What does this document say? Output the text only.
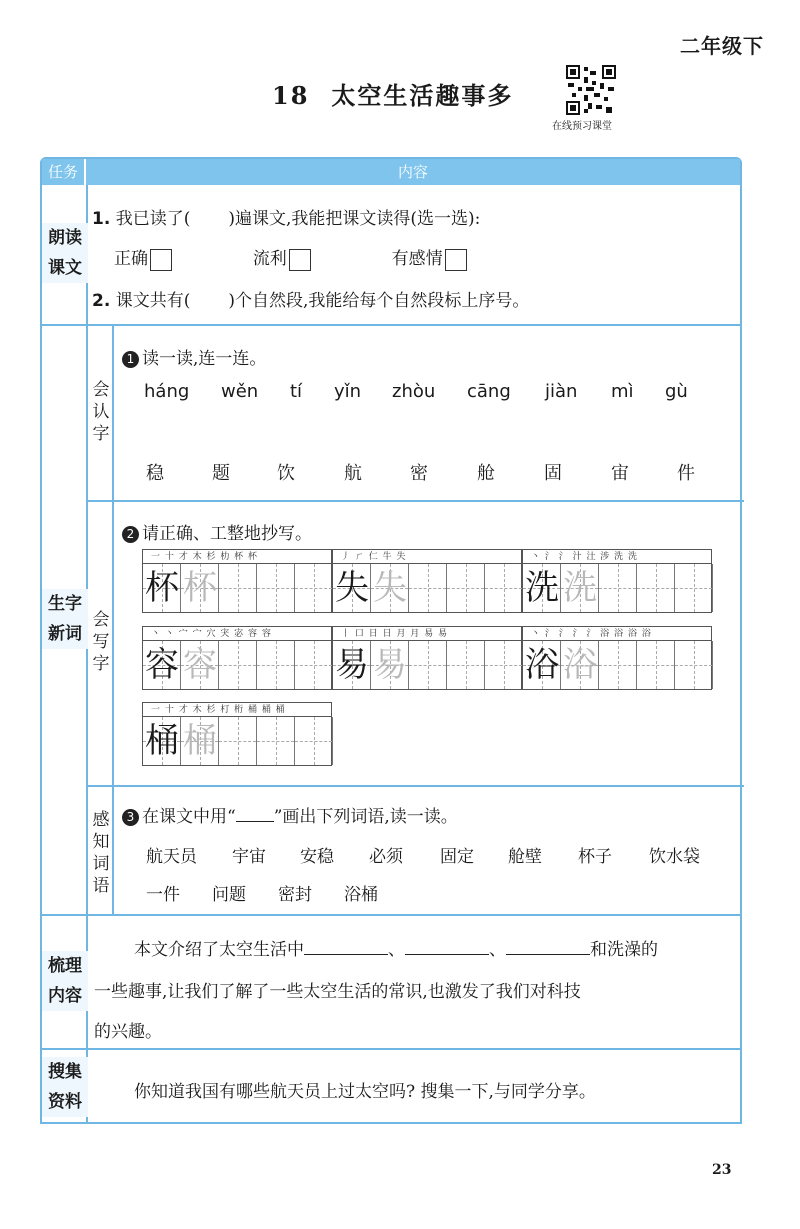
二年级下
18 太空生活趣事多
在线预习课堂
任务	内容
朗读
课文
1. 我已读了( )遍课文,我能把课文读得(选一选):
正确	流利	有感情
2. 课文共有( )个自然段,我能给每个自然段标上序号。
生字
新词
会
认
字
1 读一读,连一连。
háng wěn tí yǐn zhòu cāng jiàn mì gù
稳	题	饮	航	密	舱	固	宙	件
会
写
字
2 请正确、工整地抄写。
一 十 才 木 杉 朸 杯 杯
杯 杯
丿 ㄏ 仁 牛 失
失 失
丶 氵 氵 汁 汢 涉 洗 洗
洗 洗
丶 丶 宀 宀 穴 宊 宓 容 容
容 容
丨 口 日 日 月 月 易 易
易 易
丶 氵 氵 氵 氵 浴 浴 浴 浴
浴 浴
一 十 才 木 杉 朾 桁 桶 桶 桶
桶 桶
感
知
词
语
3 在课文中用“ ”画出下列词语,读一读。
航天员 宇宙 安稳 必须 固定 舱壁 杯子 饮水袋
一件 问题 密封 浴桶
梳理
内容
本文介绍了太空生活中	、	、	和洗澡的
一些趣事,让我们了解了一些太空生活的常识,也激发了我们对科技
的兴趣。
搜集
资料	你知道我国有哪些航天员上过太空吗? 搜集一下,与同学分享。
23
